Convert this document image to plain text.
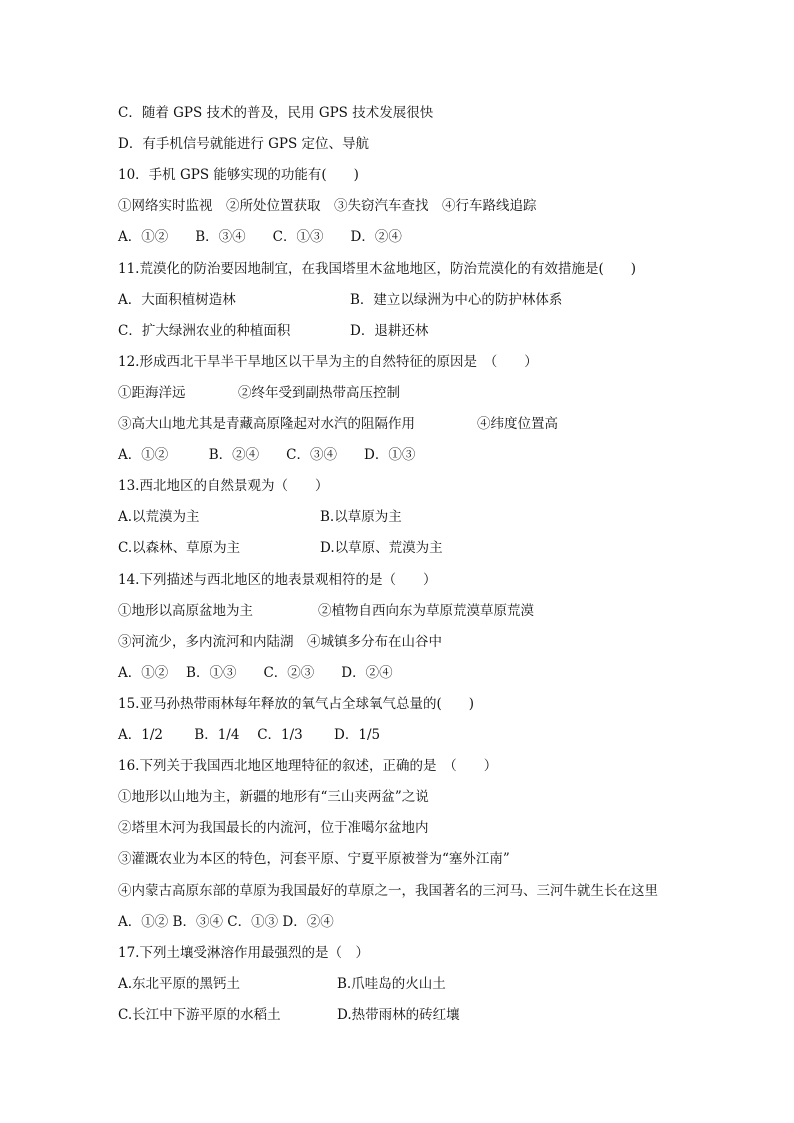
C．随着 GPS 技术的普及，民用 GPS 技术发展很快
D．有手机信号就能进行 GPS 定位、导航
10．手机 GPS 能够实现的功能有(　　)
①网络实时监视　②所处位置获取　③失窃汽车查找　④行车路线追踪
A．①②　　B．③④　　C．①③　　D．②④
11.荒漠化的防治要因地制宜，在我国塔里木盆地地区，防治荒漠化的有效措施是(　　)
A．大面积植树造林	B．建立以绿洲为中心的防护林体系
C．扩大绿洲农业的种植面积	D．退耕还林
12.形成西北干旱半干旱地区以干旱为主的自然特征的原因是　（　　）
①距海洋远	②终年受到副热带高压控制
③高大山地尤其是青藏高原隆起对水汽的阻隔作用	④纬度位置高
A．①②　　　B．②④　　C．③④　　D．①③
13.西北地区的自然景观为（　　）
A.以荒漠为主	B.以草原为主
C.以森林、草原为主	D.以草原、荒漠为主
14.下列描述与西北地区的地表景观相符的是（　　）
①地形以高原盆地为主	②植物自西向东为草原荒漠草原荒漠
③河流少，多内流河和内陆湖　④城镇多分布在山谷中
A．①②　 B．①③　　C．②③　　D．②④
15.亚马孙热带雨林每年释放的氧气占全球氧气总量的(　　)
A．1/2　　 B．1/4　 C．1/3　　 D．1/5
16.下列关于我国西北地区地理特征的叙述，正确的是　（　　）
①地形以山地为主，新疆的地形有“三山夹两盆”之说
②塔里木河为我国最长的内流河，位于准噶尔盆地内
③灌溉农业为本区的特色，河套平原、宁夏平原被誉为“塞外江南”
④内蒙古高原东部的草原为我国最好的草原之一，我国著名的三河马、三河牛就生长在这里
A．①② B．③④ C．①③ D．②④
17.下列土壤受淋溶作用最强烈的是（　）
A.东北平原的黑钙土	B.爪哇岛的火山土
C.长江中下游平原的水稻土	D.热带雨林的砖红壤
